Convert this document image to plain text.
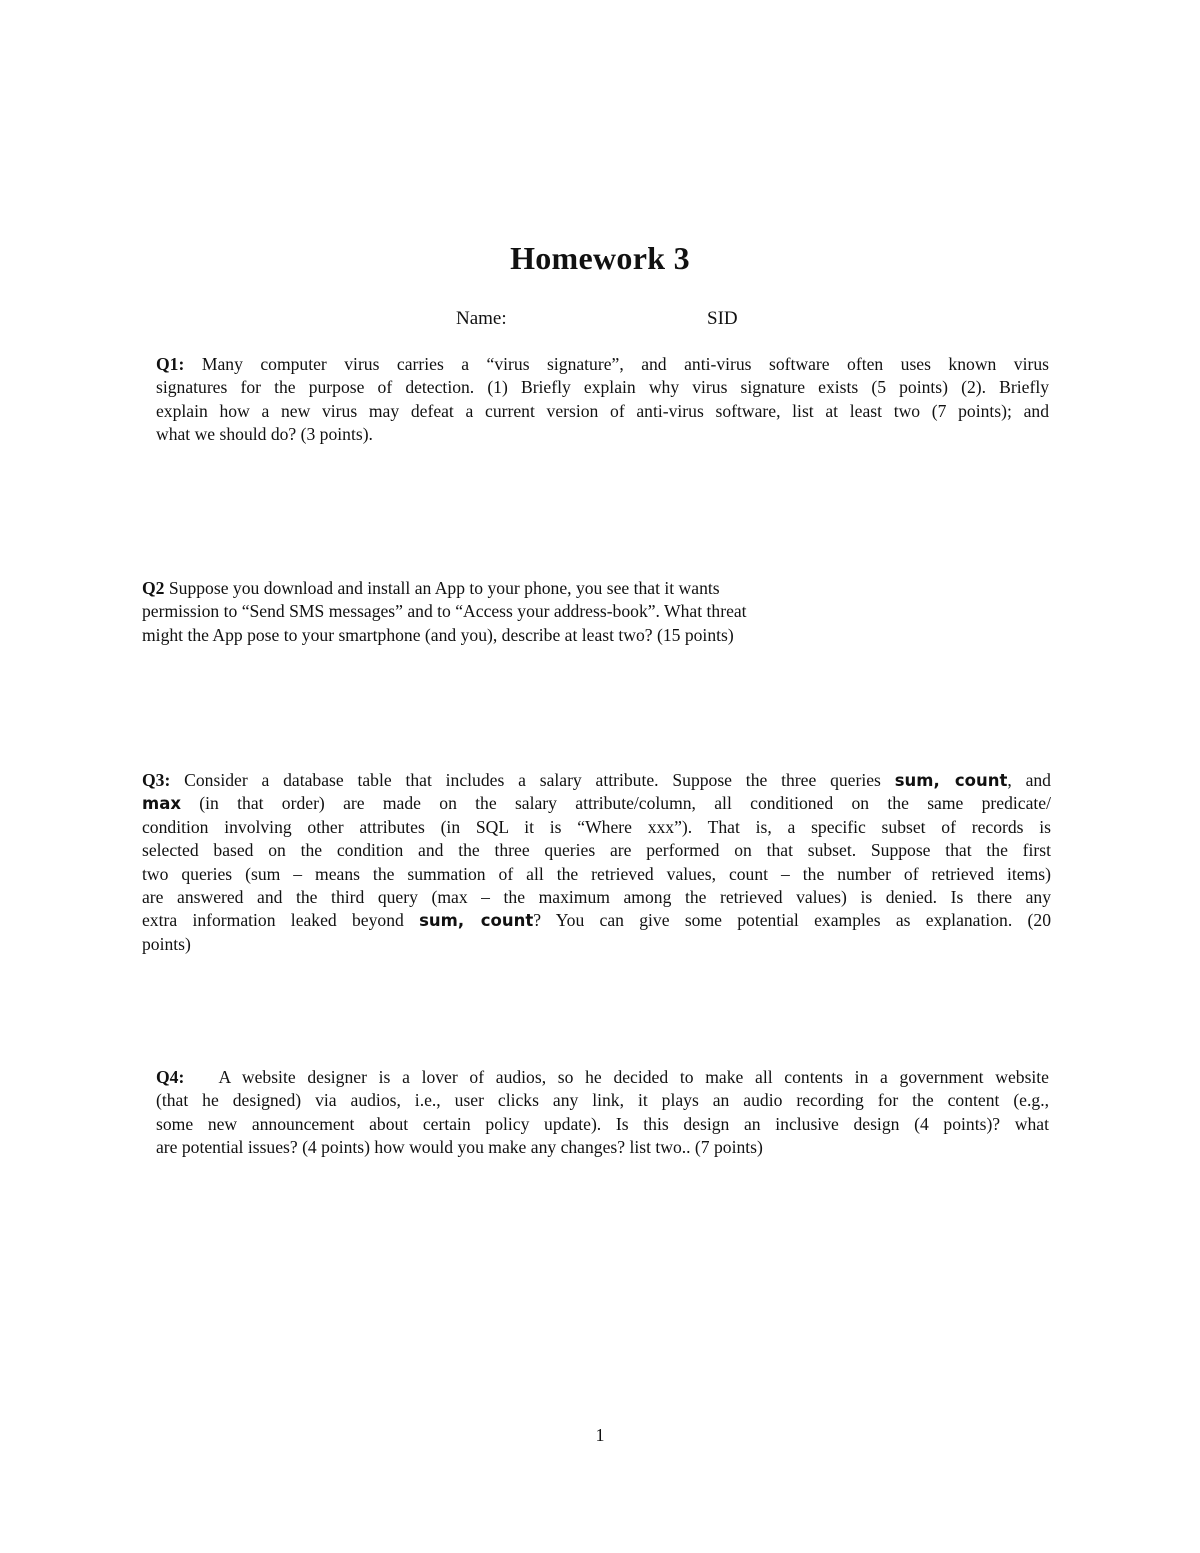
Homework 3
Name:	SID
Q1: Many computer virus carries a “virus signature”, and anti-virus software often uses known virus
signatures for the purpose of detection. (1) Briefly explain why virus signature exists (5 points) (2). Briefly
explain how a new virus may defeat a current version of anti-virus software, list at least two (7 points); and
what we should do? (3 points).
Q2 Suppose you download and install an App to your phone, you see that it wants
permission to “Send SMS messages” and to “Access your address-book”. What threat
might the App pose to your smartphone (and you), describe at least two? (15 points)
Q3: Consider a database table that includes a salary attribute. Suppose the three queries sum, count, and
max (in that order) are made on the salary attribute/column, all conditioned on the same predicate/
condition involving other attributes (in SQL it is “Where xxx”). That is, a specific subset of records is
selected based on the condition and the three queries are performed on that subset. Suppose that the first
two queries (sum – means the summation of all the retrieved values, count – the number of retrieved items)
are answered and the third query (max – the maximum among the retrieved values) is denied. Is there any
extra information leaked beyond sum, count? You can give some potential examples as explanation. (20
points)
Q4:   A website designer is a lover of audios, so he decided to make all contents in a government website
(that he designed) via audios, i.e., user clicks any link, it plays an audio recording for the content (e.g.,
some new announcement about certain policy update). Is this design an inclusive design (4 points)? what
are potential issues? (4 points) how would you make any changes? list two.. (7 points)
1
